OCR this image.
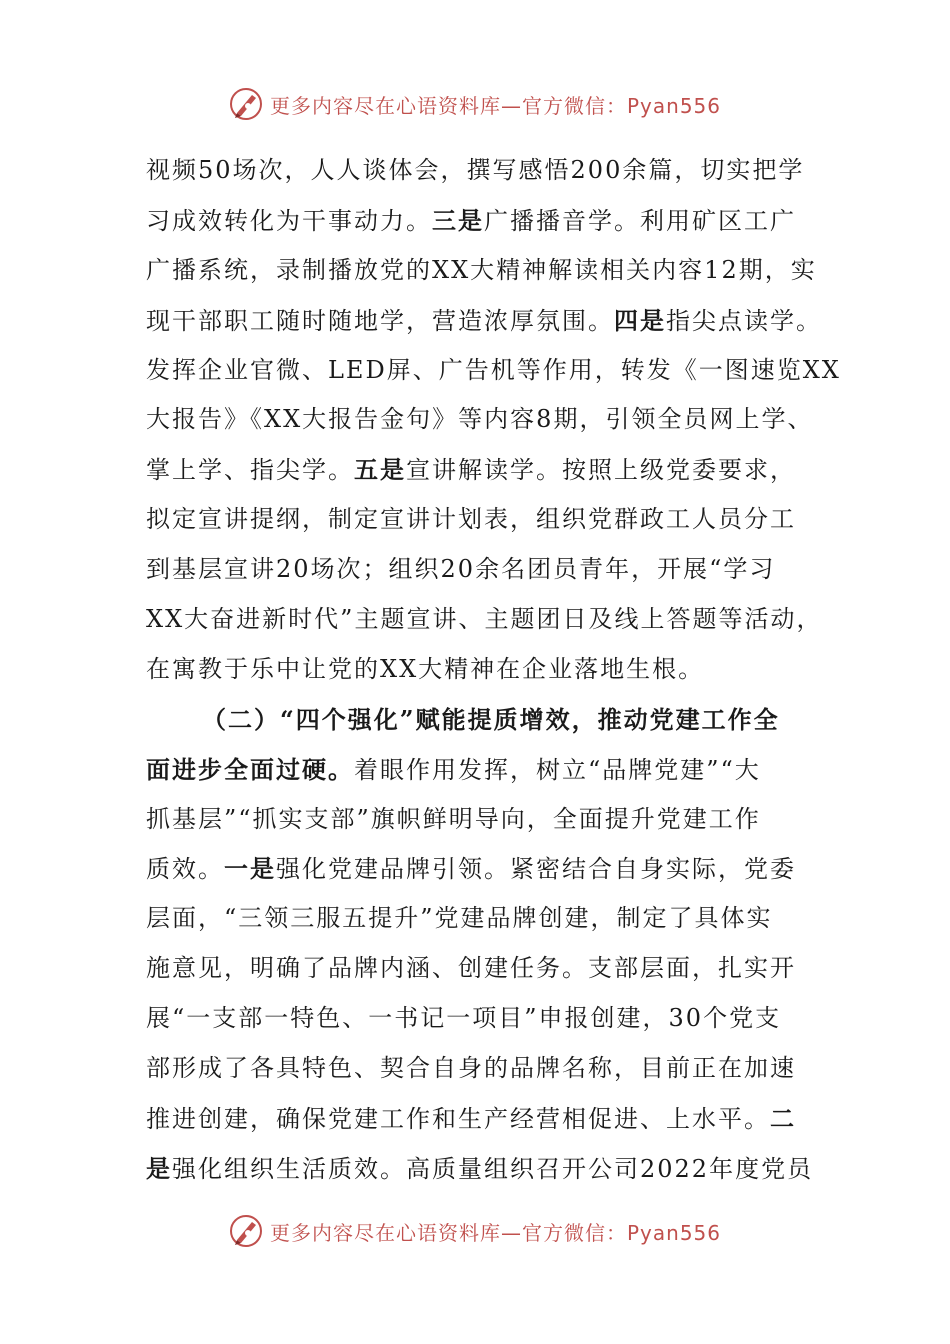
更多内容尽在心语资料库—官方微信：Pyan556
视频50场次，人人谈体会，撰写感悟200余篇，切实把学
习成效转化为干事动力。三是广播播音学。利用矿区工广
广播系统，录制播放党的XX大精神解读相关内容12期，实
现干部职工随时随地学，营造浓厚氛围。四是指尖点读学。
发挥企业官微、LED屏、广告机等作用，转发《一图速览XX
大报告》《XX大报告金句》等内容8期，引领全员网上学、
掌上学、指尖学。五是宣讲解读学。按照上级党委要求，
拟定宣讲提纲，制定宣讲计划表，组织党群政工人员分工
到基层宣讲20场次；组织20余名团员青年，开展“学习
XX大奋进新时代”主题宣讲、主题团日及线上答题等活动，
在寓教于乐中让党的XX大精神在企业落地生根。
（二）“四个强化”赋能提质增效，推动党建工作全
面进步全面过硬。着眼作用发挥，树立“品牌党建”“大
抓基层”“抓实支部”旗帜鲜明导向，全面提升党建工作
质效。一是强化党建品牌引领。紧密结合自身实际，党委
层面，“三领三服五提升”党建品牌创建，制定了具体实
施意见，明确了品牌内涵、创建任务。支部层面，扎实开
展“一支部一特色、一书记一项目”申报创建，30个党支
部形成了各具特色、契合自身的品牌名称，目前正在加速
推进创建，确保党建工作和生产经营相促进、上水平。二
是强化组织生活质效。高质量组织召开公司2022年度党员
更多内容尽在心语资料库—官方微信：Pyan556
